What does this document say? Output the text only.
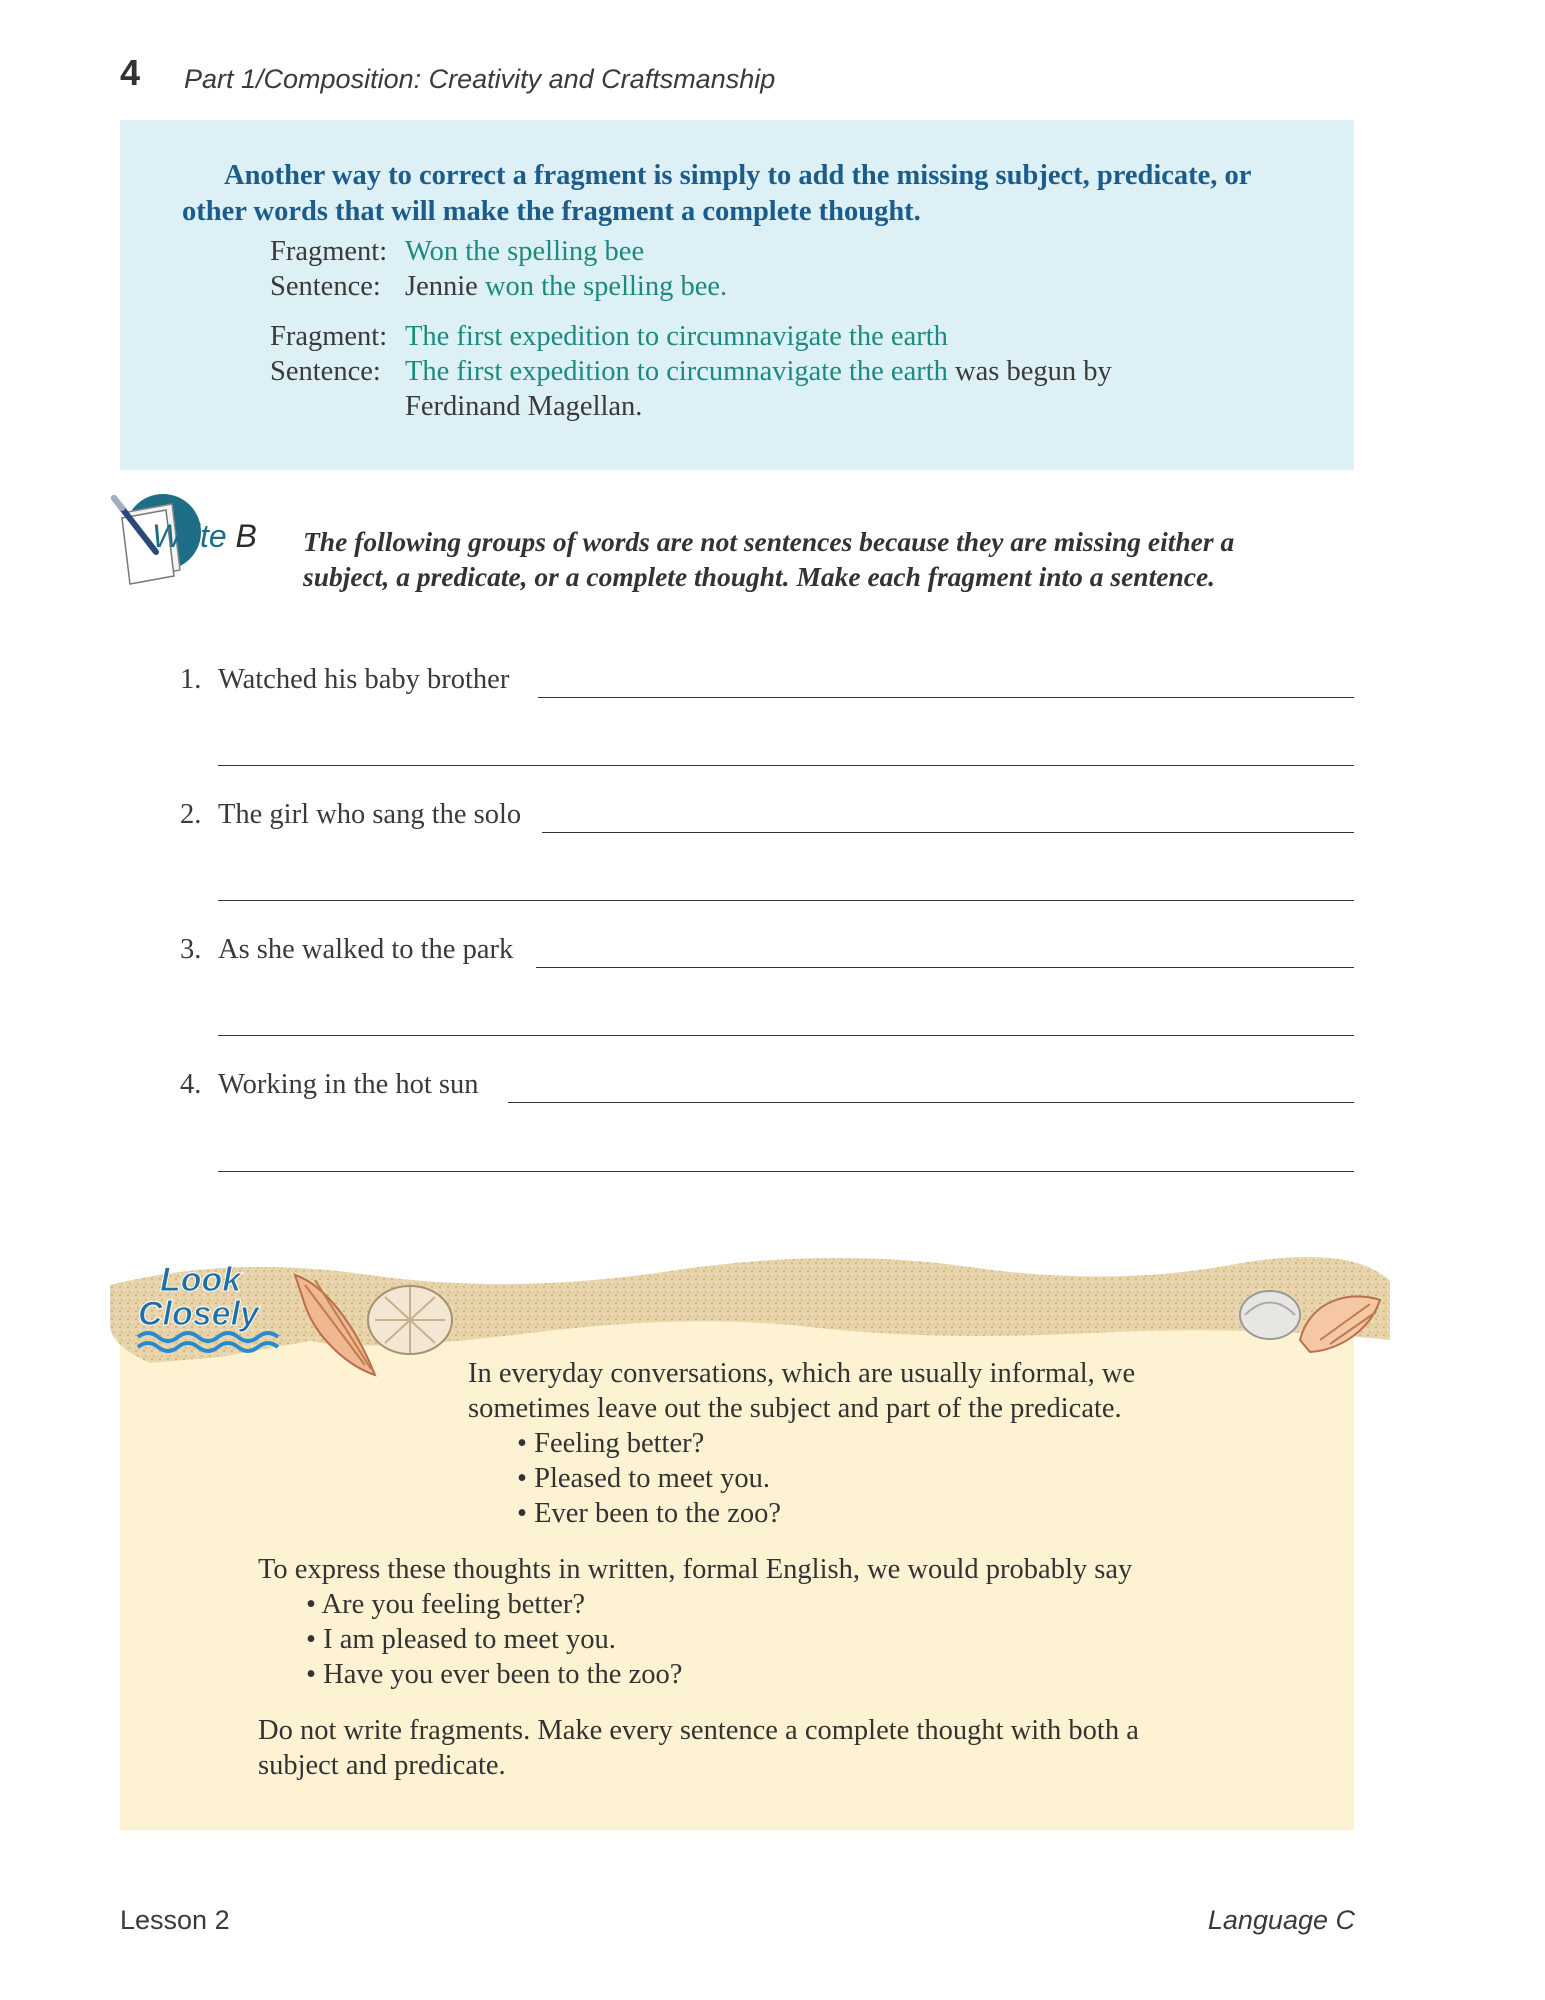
4 Part 1/Composition: Creativity and Craftsmanship
Another way to correct a fragment is simply to add the missing subject, predicate, or other words that will make the fragment a complete thought.
Fragment: Won the spelling bee
Sentence: Jennie won the spelling bee.
Fragment: The first expedition to circumnavigate the earth
Sentence: The first expedition to circumnavigate the earth was begun by
Ferdinand Magellan.
Write B The following groups of words are not sentences because they are missing either a subject, a predicate, or a complete thought. Make each fragment into a sentence.
1. Watched his baby brother
2. The girl who sang the solo
3. As she walked to the park
4. Working in the hot sun
Look
Closely
In everyday conversations, which are usually informal, we
sometimes leave out the subject and part of the predicate.
• Feeling better?
• Pleased to meet you.
• Ever been to the zoo?
To express these thoughts in written, formal English, we would probably say
• Are you feeling better?
• I am pleased to meet you.
• Have you ever been to the zoo?
Do not write fragments. Make every sentence a complete thought with both a
subject and predicate.
Lesson 2	Language C
